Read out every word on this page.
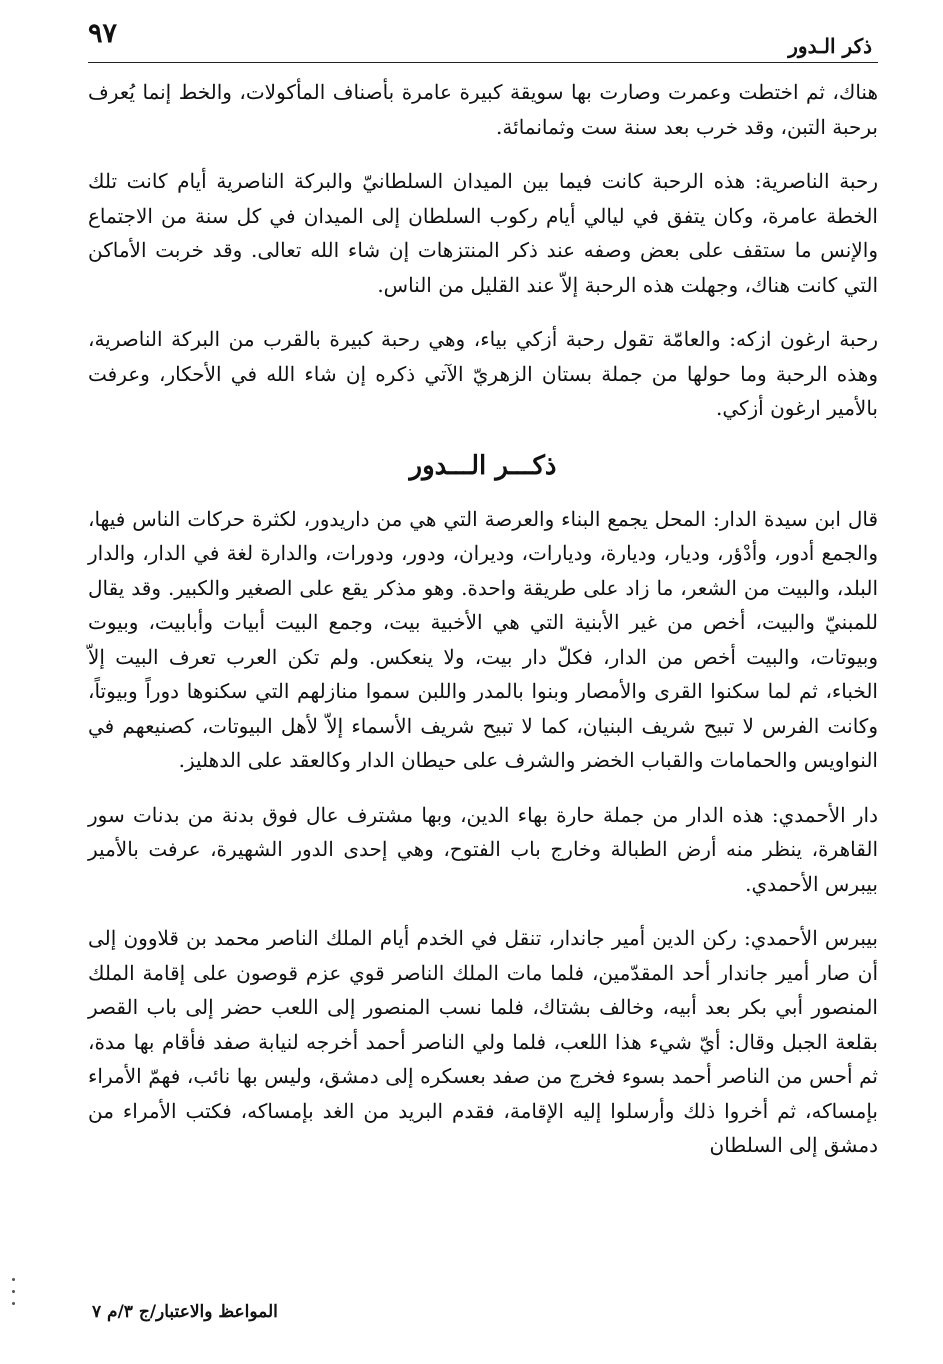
ذكر الـدور
٩٧

هناك، ثم اختطت وعمرت وصارت بها سويقة كبيرة عامرة بأصناف المأكولات، والخط إنما يُعرف برحبة التبن، وقد خرب بعد سنة ست وثمانمائة.

رحبة الناصرية: هذه الرحبة كانت فيما بين الميدان السلطانيّ والبركة الناصرية أيام كانت تلك الخطة عامرة، وكان يتفق في ليالي أيام ركوب السلطان إلى الميدان في كل سنة من الاجتماع والإنس ما ستقف على بعض وصفه عند ذكر المنتزهات إن شاء الله تعالى. وقد خربت الأماكن التي كانت هناك، وجهلت هذه الرحبة إلاّ عند القليل من الناس.

رحبة ارغون ازكه: والعامّة تقول رحبة أزكي بياء، وهي رحبة كبيرة بالقرب من البركة الناصرية، وهذه الرحبة وما حولها من جملة بستان الزهريّ الآتي ذكره إن شاء الله في الأحكار، وعرفت بالأمير ارغون أزكي.

ذكـــر الـــدور

قال ابن سيدة الدار: المحل يجمع البناء والعرصة التي هي من داريدور، لكثرة حركات الناس فيها، والجمع أدور، وأدْؤر، وديار، وديارة، وديارات، وديران، ودور، ودورات، والدارة لغة في الدار، والدار البلد، والبيت من الشعر، ما زاد على طريقة واحدة. وهو مذكر يقع على الصغير والكبير. وقد يقال للمبنيّ والبيت، أخص من غير الأبنية التي هي الأخبية بيت، وجمع البيت أبيات وأبابيت، وبيوت وبيوتات، والبيت أخص من الدار، فكلّ دار بيت، ولا ينعكس. ولم تكن العرب تعرف البيت إلاّ الخباء، ثم لما سكنوا القرى والأمصار وبنوا بالمدر واللبن سموا منازلهم التي سكنوها دوراً وبيوتاً، وكانت الفرس لا تبيح شريف البنيان، كما لا تبيح شريف الأسماء إلاّ لأهل البيوتات، كصنيعهم في النواويس والحمامات والقباب الخضر والشرف على حيطان الدار وكالعقد على الدهليز.

دار الأحمدي: هذه الدار من جملة حارة بهاء الدين، وبها مشترف عال فوق بدنة من بدنات سور القاهرة، ينظر منه أرض الطبالة وخارج باب الفتوح، وهي إحدى الدور الشهيرة، عرفت بالأمير بيبرس الأحمدي.

بيبرس الأحمدي: ركن الدين أمير جاندار، تنقل في الخدم أيام الملك الناصر محمد بن قلاوون إلى أن صار أمير جاندار أحد المقدّمين، فلما مات الملك الناصر قوي عزم قوصون على إقامة الملك المنصور أبي بكر بعد أبيه، وخالف بشتاك، فلما نسب المنصور إلى اللعب حضر إلى باب القصر بقلعة الجبل وقال: أيّ شيء هذا اللعب، فلما ولي الناصر أحمد أخرجه لنيابة صفد فأقام بها مدة، ثم أحس من الناصر أحمد بسوء فخرج من صفد بعسكره إلى دمشق، وليس بها نائب، فهمّ الأمراء بإمساكه، ثم أخروا ذلك وأرسلوا إليه الإقامة، فقدم البريد من الغد بإمساكه، فكتب الأمراء من دمشق إلى السلطان

المواعظ والاعتبار/ج ٣/م ٧
